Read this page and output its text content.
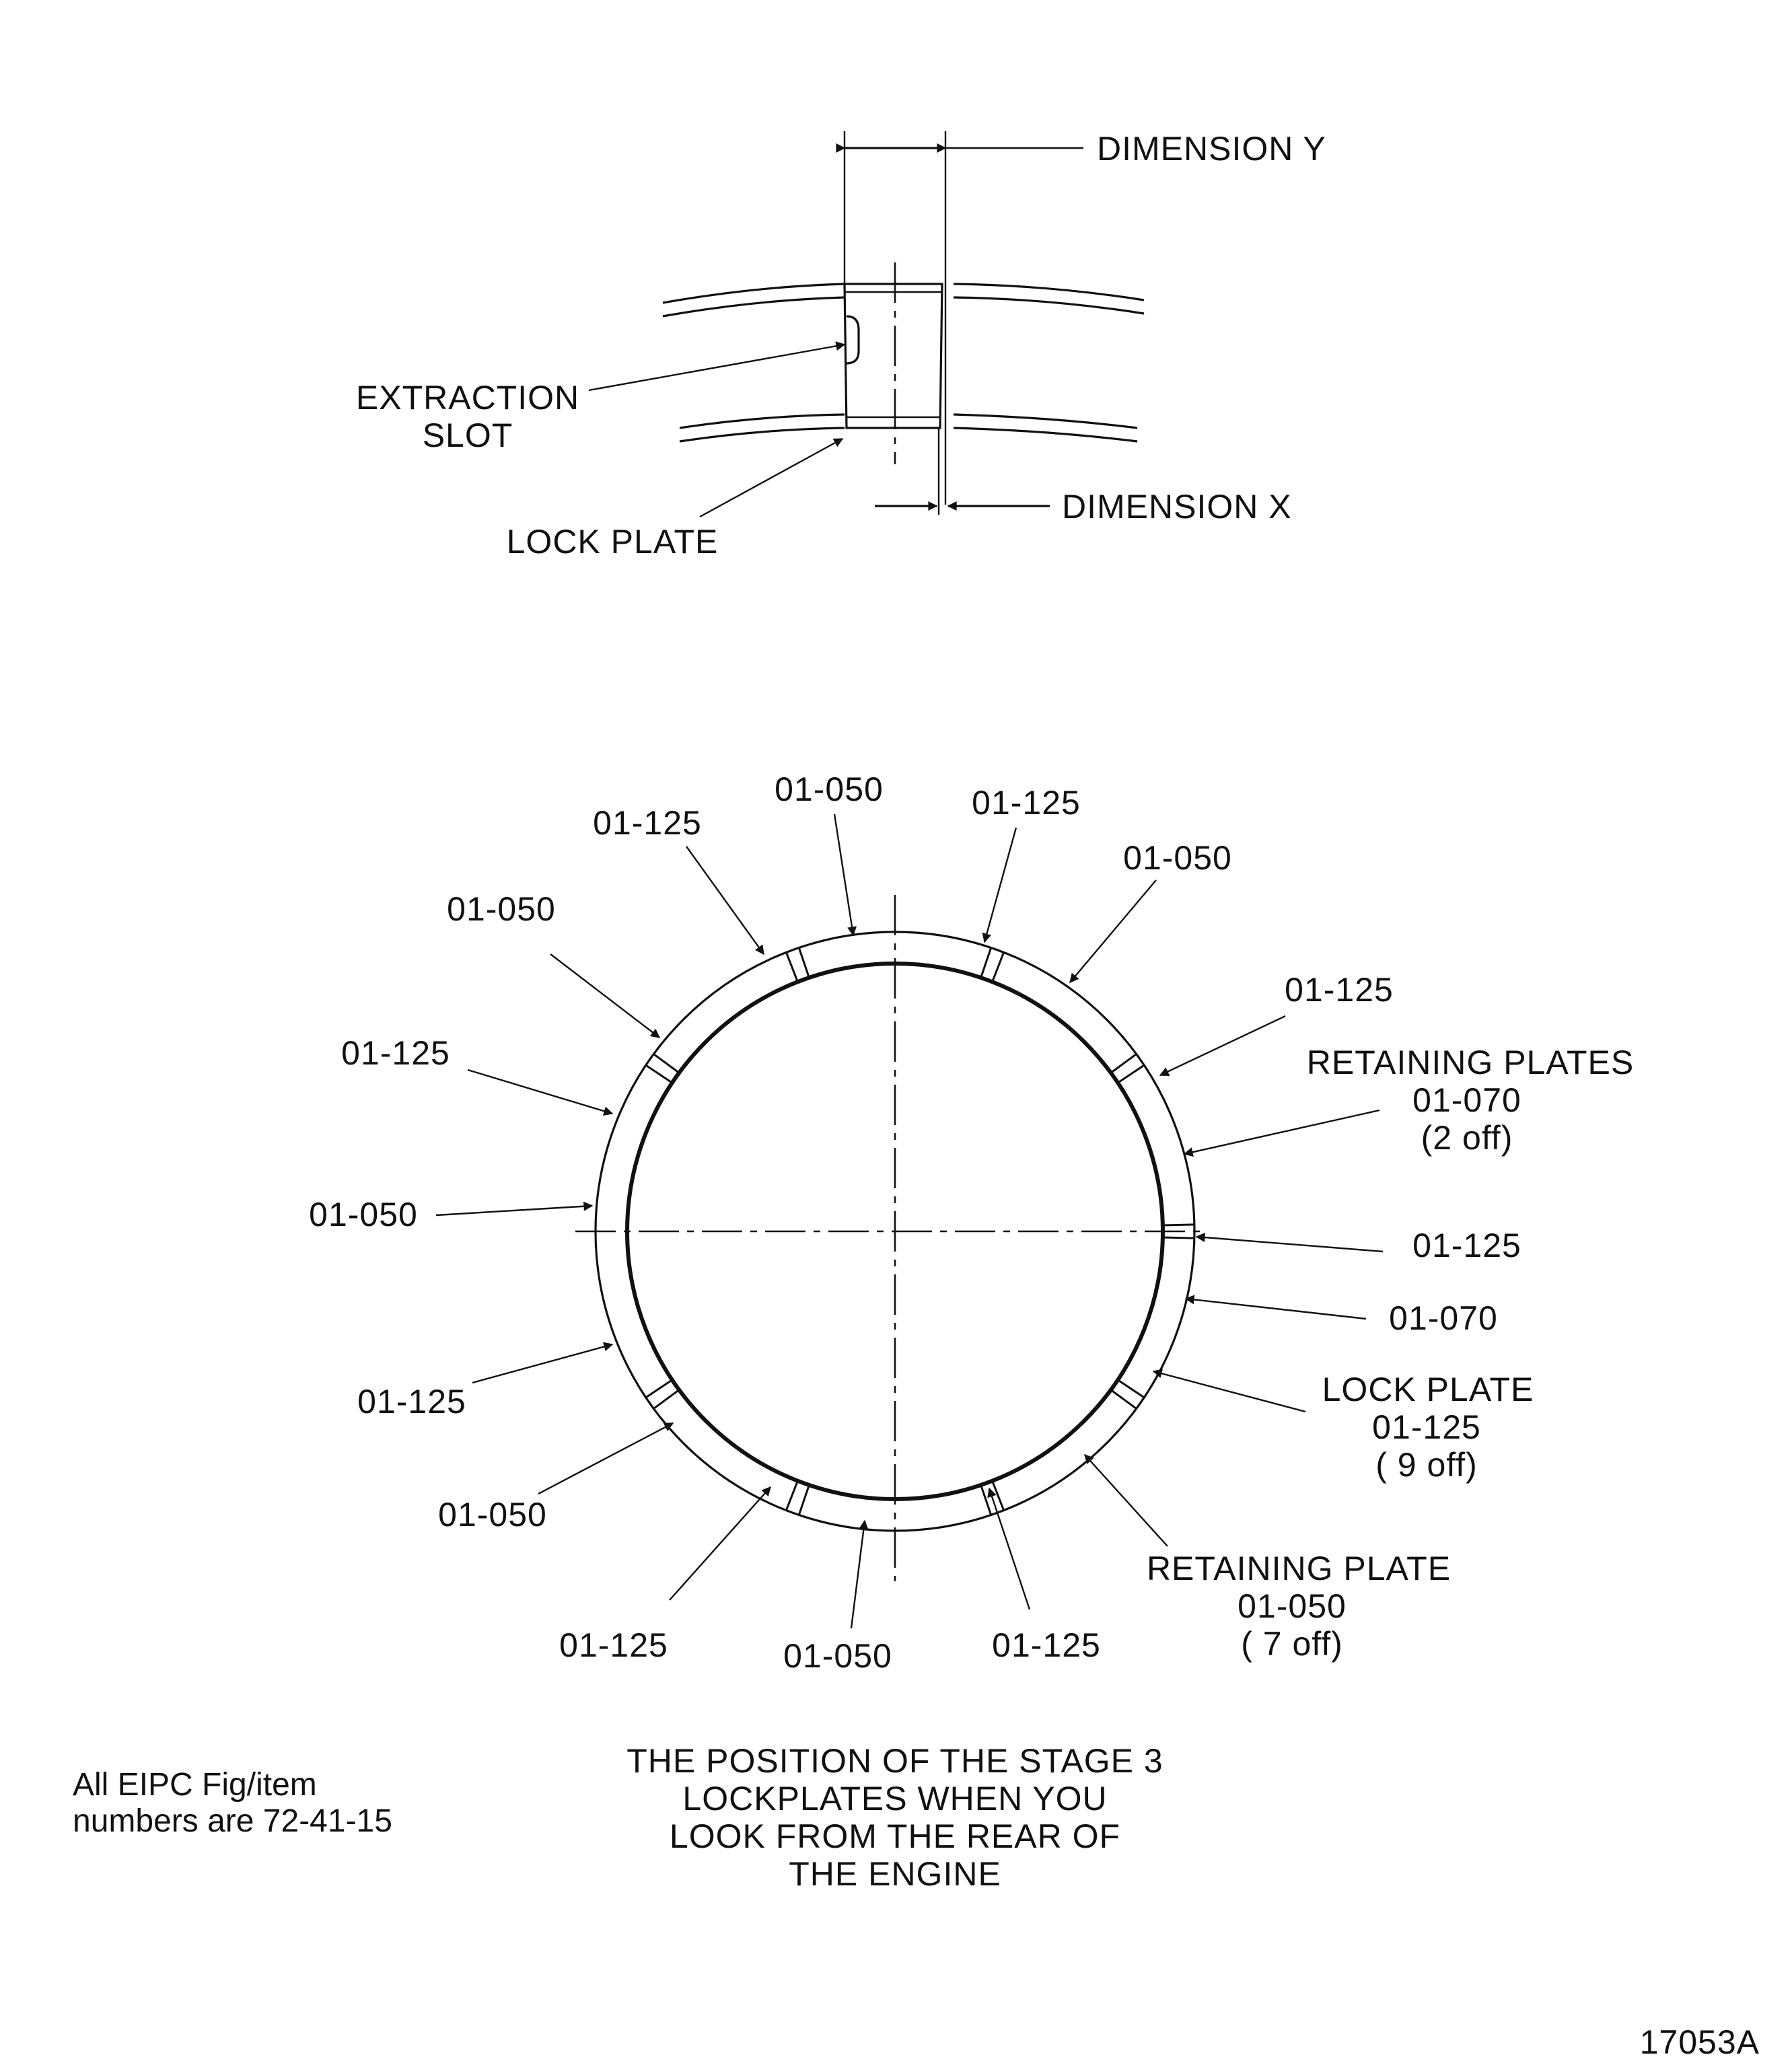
DIMENSION Y
DIMENSION X
EXTRACTION
SLOT
LOCK PLATE
01-050
01-125
01-125
01-050
01-050
01-125
01-125
01-050
01-125
01-070
01-125
01-050
01-125	01-050	01-125
RETAINING PLATES
01-070
(2 off)
LOCK PLATE
01-125
( 9 off)
RETAINING PLATE
01-050
( 7 off)
THE POSITION OF THE STAGE 3
LOCKPLATES WHEN YOU
LOOK FROM THE REAR OF
THE ENGINE
All EIPC Fig/item
numbers are 72-41-15
17053A
